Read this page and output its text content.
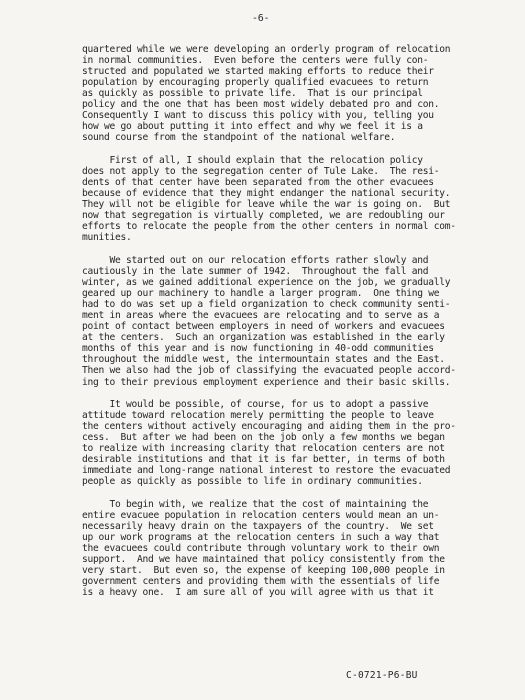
-6-
quartered while we were developing an orderly program of relocation
in normal communities.  Even before the centers were fully con-
structed and populated we started making efforts to reduce their
population by encouraging properly qualified evacuees to return
as quickly as possible to private life.  That is our principal
policy and the one that has been most widely debated pro and con.
Consequently I want to discuss this policy with you, telling you
how we go about putting it into effect and why we feel it is a
sound course from the standpoint of the national welfare.
First of all, I should explain that the relocation policy
does not apply to the segregation center of Tule Lake.  The resi-
dents of that center have been separated from the other evacuees
because of evidence that they might endanger the national security.
They will not be eligible for leave while the war is going on.  But
now that segregation is virtually completed, we are redoubling our
efforts to relocate the people from the other centers in normal com-
munities.
We started out on our relocation efforts rather slowly and
cautiously in the late summer of 1942.  Throughout the fall and
winter, as we gained additional experience on the job, we gradually
geared up our machinery to handle a larger program.  One thing we
had to do was set up a field organization to check community senti-
ment in areas where the evacuees are relocating and to serve as a
point of contact between employers in need of workers and evacuees
at the centers.  Such an organization was established in the early
months of this year and is now functioning in 40-odd communities
throughout the middle west, the intermountain states and the East.
Then we also had the job of classifying the evacuated people accord-
ing to their previous employment experience and their basic skills.
It would be possible, of course, for us to adopt a passive
attitude toward relocation merely permitting the people to leave
the centers without actively encouraging and aiding them in the pro-
cess.  But after we had been on the job only a few months we began
to realize with increasing clarity that relocation centers are not
desirable institutions and that it is far better, in terms of both
immediate and long-range national interest to restore the evacuated
people as quickly as possible to life in ordinary communities.
To begin with, we realize that the cost of maintaining the
entire evacuee population in relocation centers would mean an un-
necessarily heavy drain on the taxpayers of the country.  We set
up our work programs at the relocation centers in such a way that
the evacuees could contribute through voluntary work to their own
support.  And we have maintained that policy consistently from the
very start.  But even so, the expense of keeping 100,000 people in
government centers and providing them with the essentials of life
is a heavy one.  I am sure all of you will agree with us that it
C-0721-P6-BU
